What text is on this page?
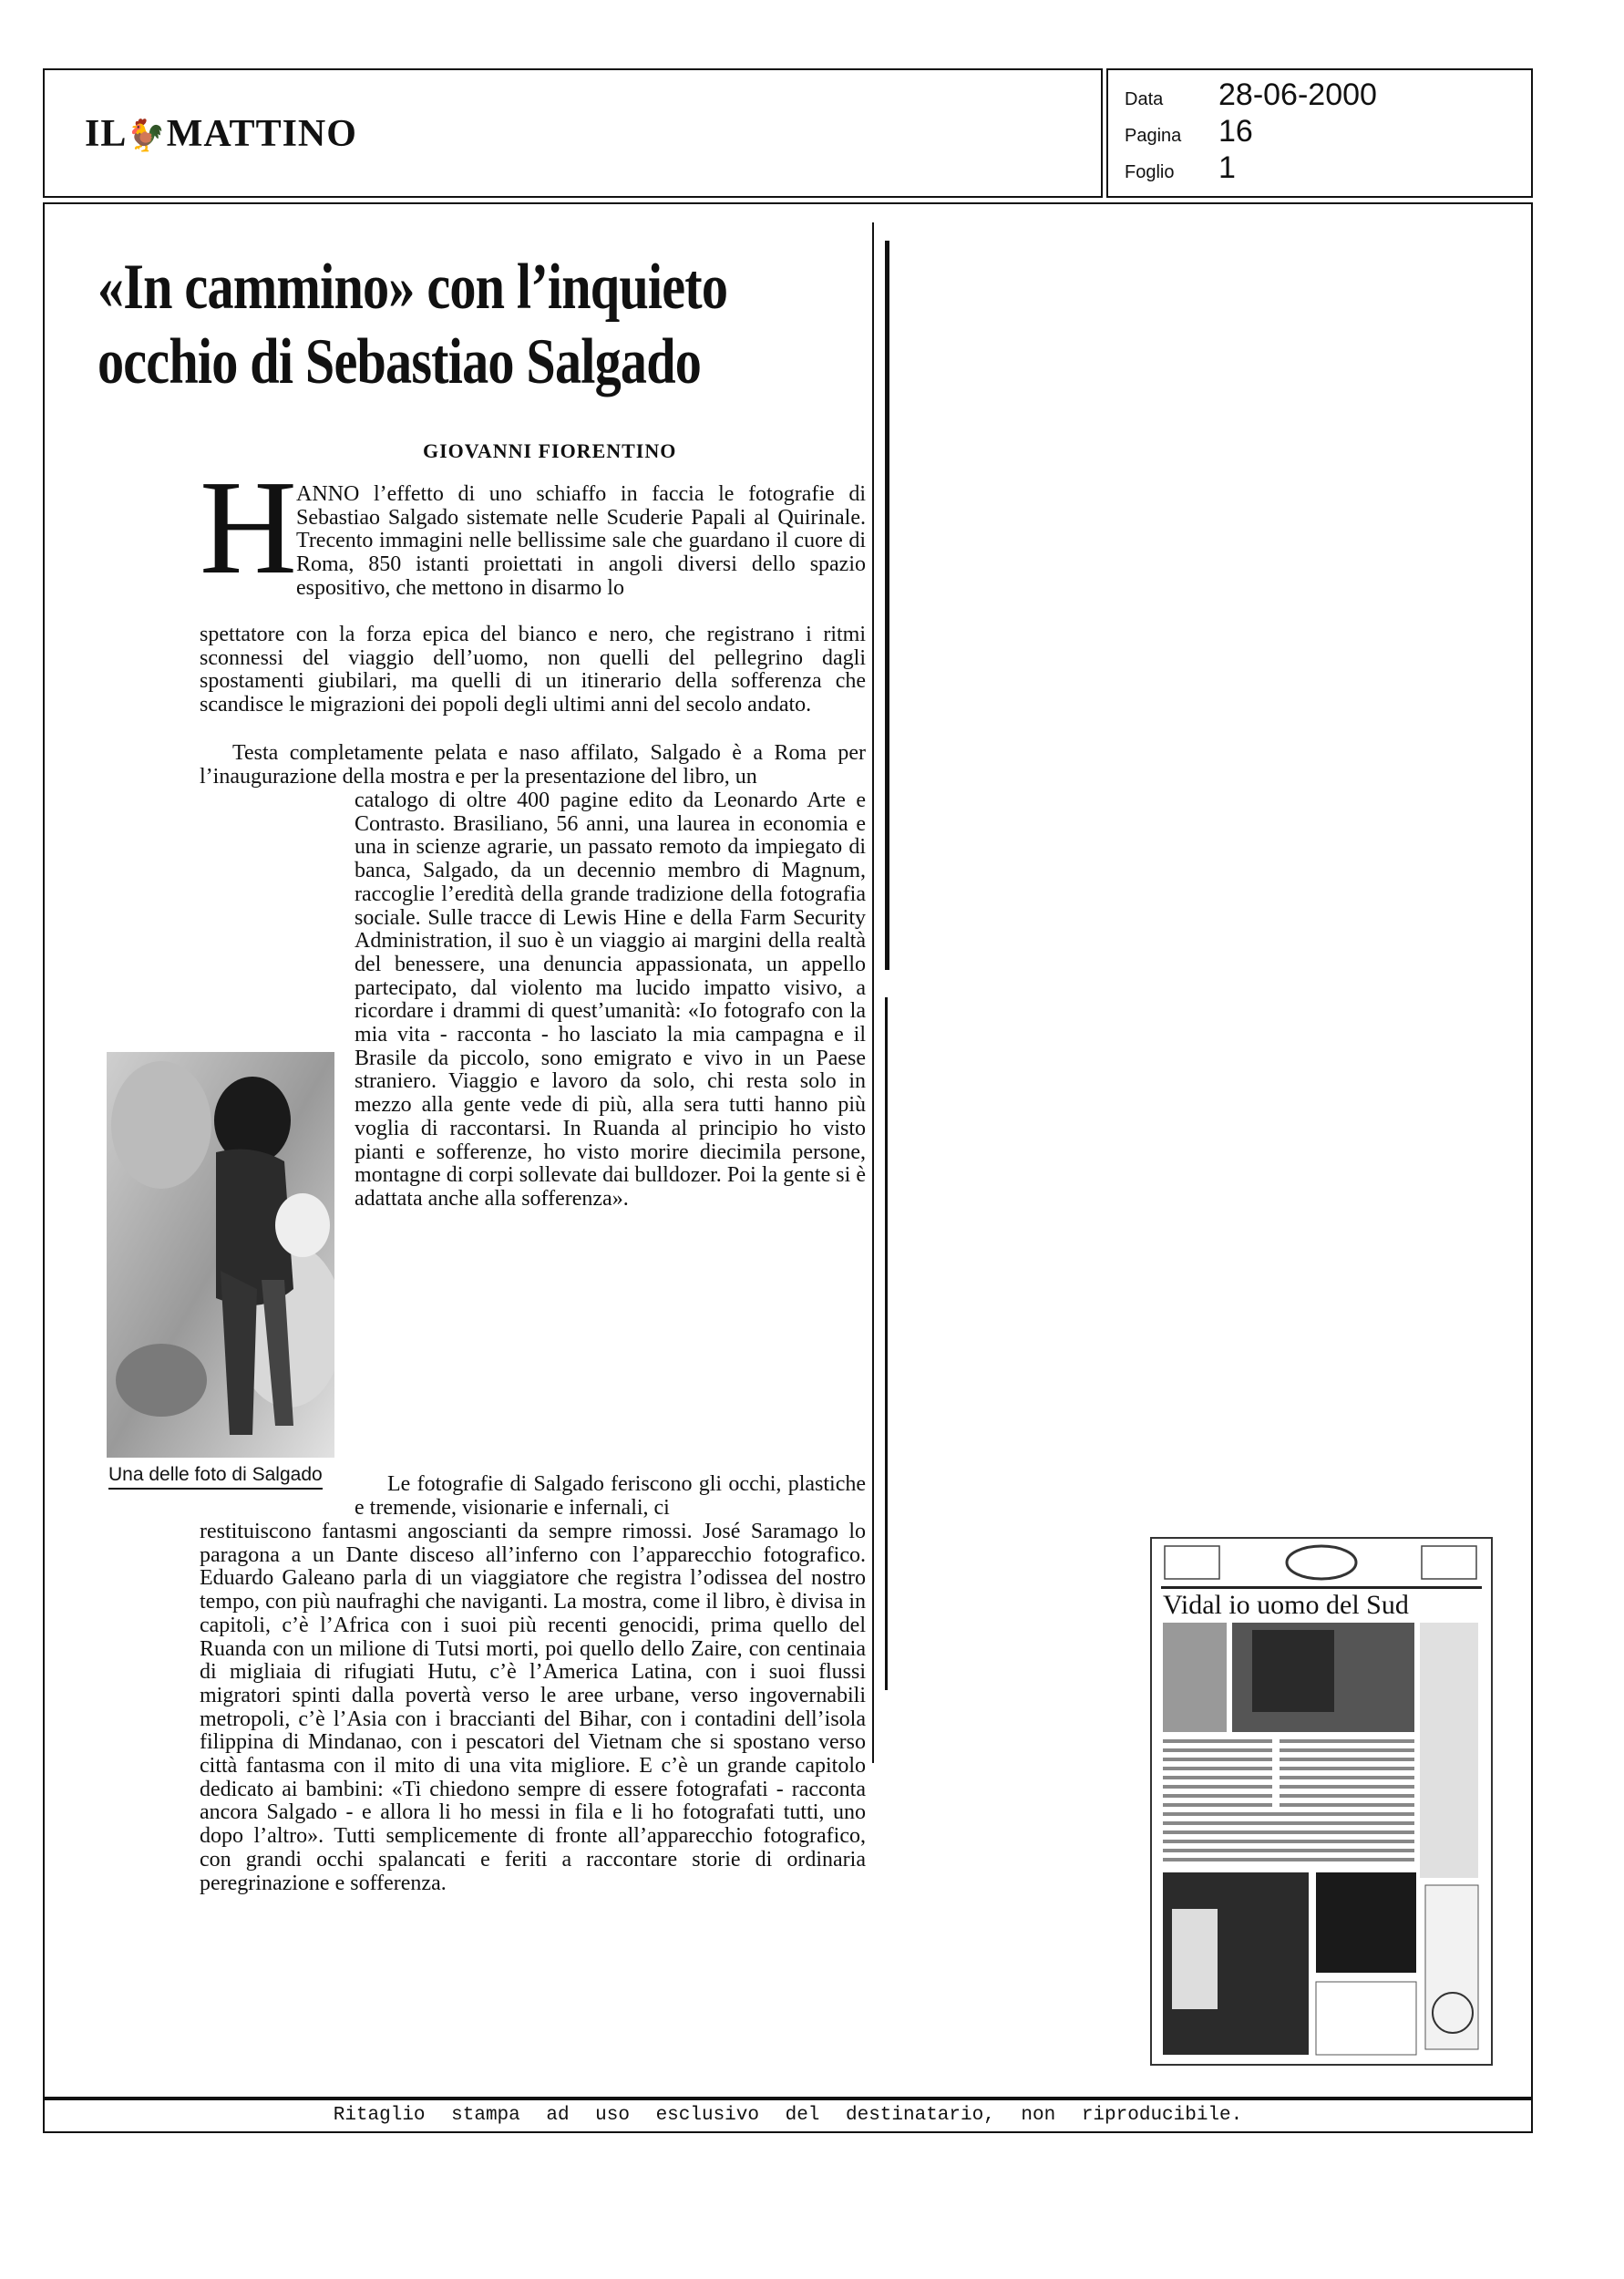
IL🐓MATTINO
Data 28-06-2000
Pagina 16
Foglio 1
«In cammino» con l’inquieto
occhio di Sebastiao Salgado
GIOVANNI FIORENTINO
H ANNO l’effetto di uno schiaffo in faccia le fotografie di Sebastiao Salgado sistemate nelle Scuderie Papali al Quirinale. Trecento immagini nelle bellissime sale che guardano il cuore di Roma, 850 istanti proiettati in angoli diversi dello spazio espositivo, che mettono in disarmo lo
spettatore con la forza epica del bianco e nero, che registrano i ritmi sconnessi del viaggio dell’uomo, non quelli del pellegrino dagli spostamenti giubilari, ma quelli di un itinerario della sofferenza che scandisce le migrazioni dei popoli degli ultimi anni del secolo andato.
Testa completamente pelata e naso affilato, Salgado è a Roma per l’inaugurazione della mostra e per la presentazione del libro, un
catalogo di oltre 400 pagine edito da Leonardo Arte e Contrasto. Brasiliano, 56 anni, una laurea in economia e una in scienze agrarie, un passato remoto da impiegato di banca, Salgado, da un decennio membro di Magnum, raccoglie l’eredità della grande tradizione della fotografia sociale. Sulle tracce di Lewis Hine e della Farm Security Administration, il suo è un viaggio ai margini della realtà del benessere, una denuncia appassionata, un appello partecipato, dal violento ma lucido impatto visivo, a ricordare i drammi di quest’umanità: «Io fotografo con la mia vita - racconta - ho lasciato la mia campagna e il Brasile da piccolo, sono emigrato e vivo in un Paese straniero. Viaggio e lavoro da solo, chi resta solo in mezzo alla gente vede di più, alla sera tutti hanno più voglia di raccontarsi. In Ruanda al principio ho visto pianti e sofferenze, ho visto morire diecimila persone, montagne di corpi sollevate dai bulldozer. Poi la gente si è adattata anche alla sofferenza».
Una delle foto di Salgado	Le fotografie di Salgado feriscono gli occhi, plastiche e tremende, visionarie e infernali, ci
restituiscono fantasmi angoscianti da sempre rimossi. José Saramago lo paragona a un Dante disceso all’inferno con l’apparecchio fotografico. Eduardo Galeano parla di un viaggiatore che registra l’odissea del nostro tempo, con più naufraghi che naviganti. La mostra, come il libro, è divisa in capitoli, c’è l’Africa con i suoi più recenti genocidi, prima quello del Ruanda con un milione di Tutsi morti, poi quello dello Zaire, con centinaia di migliaia di rifugiati Hutu, c’è l’America Latina, con i suoi flussi migratori spinti dalla povertà verso le aree urbane, verso ingovernabili metropoli, c’è l’Asia con i braccianti del Bihar, con i contadini dell’isola filippina di Mindanao, con i pescatori del Vietnam che si spostano verso città fantasma con il mito di una vita migliore. E c’è un grande capitolo dedicato ai bambini: «Ti chiedono sempre di essere fotografati - racconta ancora Salgado - e allora li ho messi in fila e li ho fotografati tutti, uno dopo l’altro». Tutti semplicemente di fronte all’apparecchio fotografico, con grandi occhi spalancati e feriti a raccontare storie di ordinaria peregrinazione e sofferenza.
Vidal io uomo del Sud
Ritaglio stampa ad uso esclusivo del destinatario, non riproducibile.
